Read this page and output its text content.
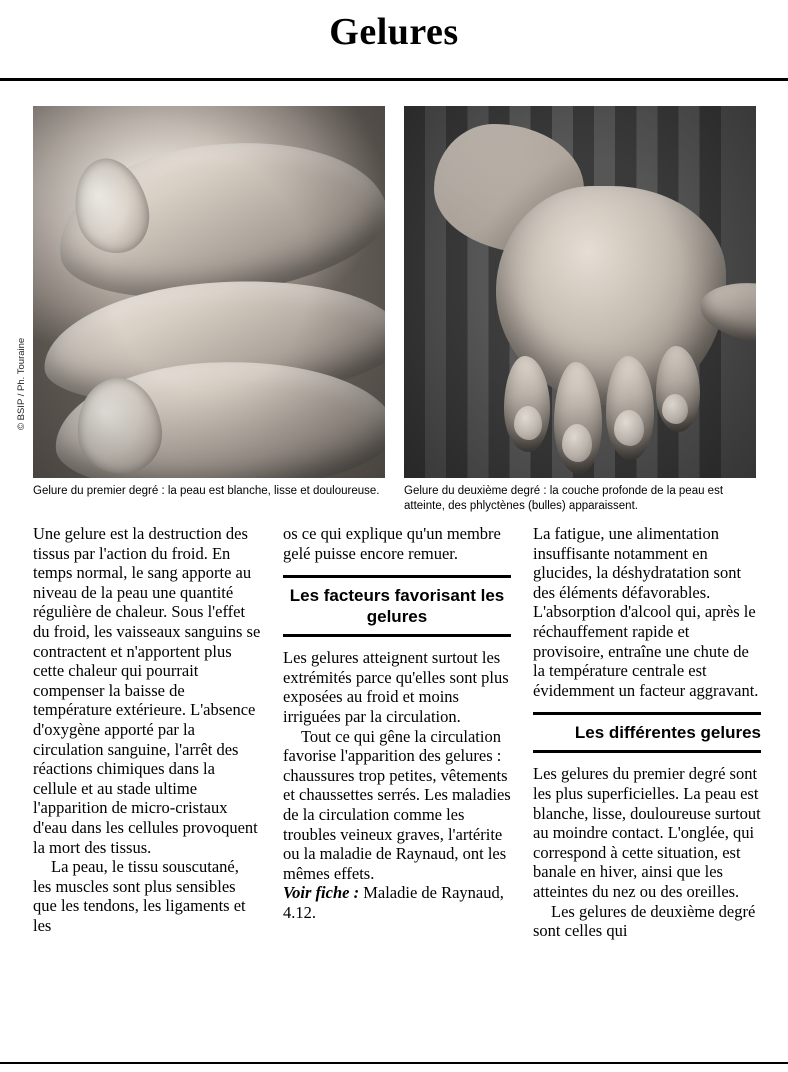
Gelures
© BSIP / Ph. Touraine
Gelure du premier degré : la peau est blanche, lisse et douloureuse.	Gelure du deuxième degré : la couche profonde de la peau est atteinte, des phlyctènes (bulles) apparaissent.

Une gelure est la destruction des tissus par l'action du froid. En temps normal, le sang apporte au niveau de la peau une quantité régulière de chaleur. Sous l'effet du froid, les vaisseaux sanguins se contractent et n'apportent plus cette chaleur qui pourrait compenser la baisse de température extérieure. L'absence d'oxygène apporté par la circulation sanguine, l'arrêt des réactions chimiques dans la cellule et au stade ultime l'apparition de micro-cristaux d'eau dans les cellules provoquent la mort des tissus.

La peau, le tissu souscutané, les muscles sont plus sensibles que les tendons, les ligaments et les

os ce qui explique qu'un membre gelé puisse encore remuer.

Les facteurs favorisant les gelures

Les gelures atteignent surtout les extrémités parce qu'elles sont plus exposées au froid et moins irriguées par la circulation.

Tout ce qui gêne la circulation favorise l'apparition des gelures : chaussures trop petites, vêtements et chaussettes serrés. Les maladies de la circulation comme les troubles veineux graves, l'artérite ou la maladie de Raynaud, ont les mêmes effets.

Voir fiche : Maladie de Raynaud, 4.12.

La fatigue, une alimentation insuffisante notamment en glucides, la déshydratation sont des éléments défavorables. L'absorption d'alcool qui, après le réchauffement rapide et provisoire, entraîne une chute de la température centrale est évidemment un facteur aggravant.

Les différentes gelures

Les gelures du premier degré sont les plus superficielles. La peau est blanche, lisse, douloureuse surtout au moindre contact. L'onglée, qui correspond à cette situation, est banale en hiver, ainsi que les atteintes du nez ou des oreilles.

Les gelures de deuxième degré sont celles qui
